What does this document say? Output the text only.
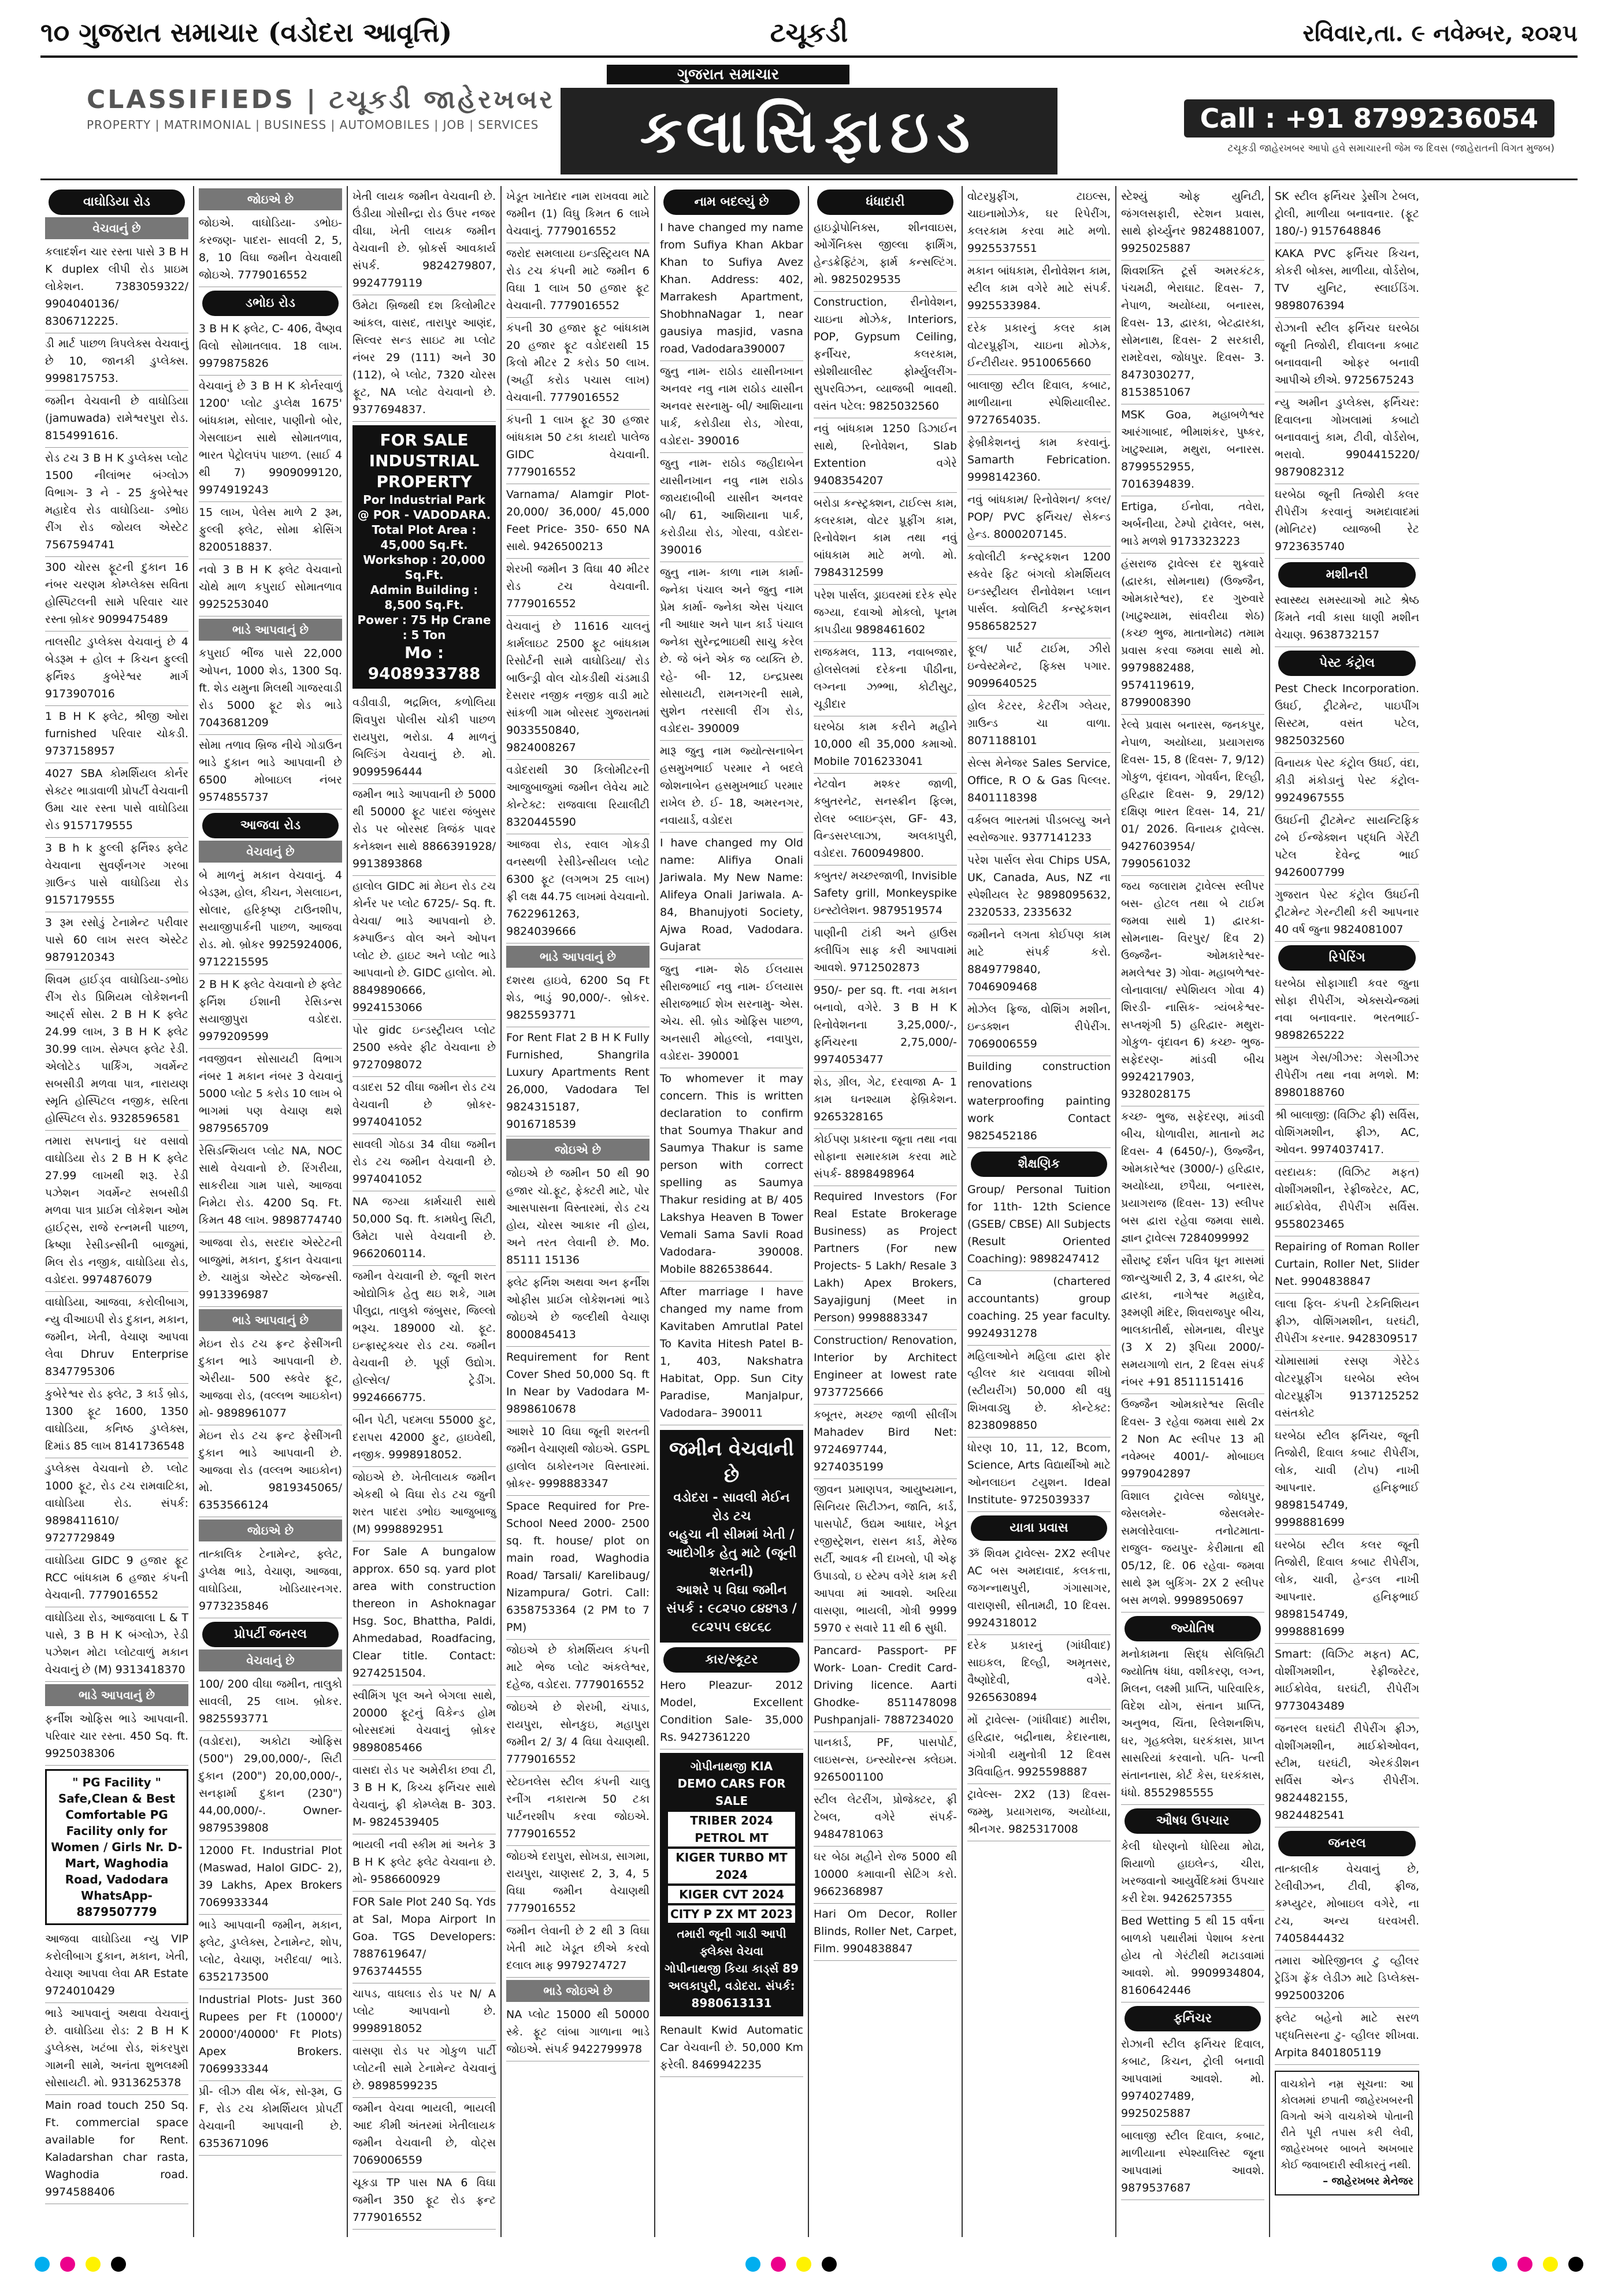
૧૦ ગુજરાત સમાચાર (વડોદરા આવૃત્તિ)	ટચૂકડી	રવિવાર,તા. ૯ નવેમ્બર, ૨૦૨૫
CLASSIFIEDS | ટચૂકડી જાહેરખબર
PROPERTY | MATRIMONIAL | BUSINESS | AUTOMOBILES | JOB | SERVICES
ગુજરાત સમાચાર
ક્લાસિફાઇડ	Call : +91 8799236054
ટચૂકડી જાહેરખબર આપો હવે સમાચારની જેમ જ દિવસ (જાહેરાતની વિગત મુજબ)
વાઘોડિયા રોડ
વેચવાનું છે
કલાદર્શન ચાર રસ્તા પાસે 3 B H K duplex લીપી રોડ પ્રાઇમ લોકેશન. 7383059322/ 9904040136/ 8306712225.
ડી માર્ટ પાછળ ત્રિપલેક્સ વેચવાનું છે 10, જાનકી ડુપ્લેક્સ. 9998175753.
જમીન વેચવાની છે વાઘોડિયા (jamuwada) રામેશ્વરપુરા રોડ. 8154991616.
રોડ ટચ 3 B H K ડુપ્લેક્સ પ્લોટ 1500 નીલાંભર બંગ્લોઝ વિભાગ- 3 ને - 25 કુબેરેશ્વર મહાદેવ રોડ વાઘોડિયા- ડભોઇ રીંગ રોડ જોયલ એસ્ટેટ 7567594741
300 ચોરસ ફૂટની દુકાન 16 નંબર ચરણમ કોમ્પ્લેક્સ સવિતા હોસ્પિટલની સામે પરિવાર ચાર રસ્તા બ્રોકર 9099475489
તાલસીટ ડુપ્લેક્સ વેચવાનું છે 4 બેડરૂમ + હોલ + કિચન ફુલ્લી ફર્નિશ્ડ કુબેરેશ્વર માર્ગ 9173907016
1 B H K ફ્લેટ, શ્રીજી ઓરા furnished પરિવાર ચોકડી. 9737158957
4027 SBA કોમર્શિયલ કોર્નર સેક્ટર ભાડાવાળી પ્રોપર્ટી વેચવાની ઉમા ચાર રસ્તા પાસે વાઘોડિયા રોડ 9157179555
3 B h k ફુલ્લી ફર્નિશ્ડ ફ્લેટ વેચવાના સુવર્ણનગર ગરબા ગ્રાઉન્ડ પાસે વાઘોડિયા રોડ 9157179555
3 રૂમ રસોડું ટેનામેન્ટ પરીવાર પાસે 60 લાખ સરલ એસ્ટેટ 9879120343
શિવમ હાઈડ્વ વાઘોડિયા-ડભોઇ રીંગ રોડ પ્રિમિયમ લોકેશનની આર્ટ્સ સોસ. 2 B H K ફ્લેટ 24.99 લાખ, 3 B H K ફ્લેટ 30.99 લાખ. સેમ્પલ ફ્લેટ રેડી. એલોટેડ પાર્કિંગ, ગવર્મેન્ટ સબસીડી મળવા પાત્ર, નારાયણ સ્મૃતિ હોસ્પિટલ નજીક, સરિતા હોસ્પિટલ રોડ. 9328596581
તમારા સપનાનું ઘર વસાવો વાઘોડિયા રોડ 2 B H K ફ્લેટ 27.99 લાખથી શરૂ. રેડી પઝેશન ગવર્મેન્ટ સબસીડી મળવા પાત્ર પ્રાઈમ લોકેશન ઓમ હાઈટ્સ, રાજે રત્નમની પાછળ, ક્રિષ્ણા રેસીડન્સીની બાજુમાં, મિલ રોડ નજીક, વાઘોડિયા રોડ, વડોદરા. 9974876079
વાઘોડિયા, આજવા, કરોલીબાગ, ન્યુ વીઆઇપી રોડ દુકાન, મકાન, જમીન, ખેતી, વેચાણ આપવા લેવા Dhruv Enterprise 8347795306
કુબેરેશ્વર રોડ ફ્લેટ, 3 કાર્ડ બ્રોડ, 1300 ફૂટ 1600, 1350 વાઘોડિયા, કનિષ્ઠ ડુપ્લેક્સ, દિમાંડ 85 લાખ 8141736548
ડુપ્લેક્સ વેચવાનો છે. પ્લોટ 1000 ફૂટ, રોડ ટચ રામવાટિકા, વાઘોડિયા રોડ. સંપર્ક: 9898411610/ 9727729849
વાઘોડિયા GIDC 9 હજાર ફૂટ RCC બાંધકામ 6 હજાર કંપની વેચવાની. 7779016552
વાઘોડિયા રોડ, આજવાલા L & T પાસે, 3 B H K બંગ્લોઝ, રેડી પઝેશન મોટા પ્લોટવાળું મકાન વેચવાનું છે (M) 9313418370
ભાડે આપવાનું છે
ફર્નીશ ઓફિસ ભાડે આપવાની. પરિવાર ચાર રસ્તા. 450 Sq. ft. 9925038306
" PG Facility " Safe,Clean & Best Comfortable PG Facility only for Women / Girls Nr. D-Mart, Waghodia Road, Vadodara WhatsApp-8879507779
આજવા વાઘોડિયા ન્યુ VIP કરોલીબાગ દુકાન, મકાન, ખેતી, વેચાણ આપવા લેવા AR Estate 9724010429
ભાડે આપવાનું અથવા વેચવાનું છે. વાઘોડિયા રોડ: 2 B H K ડુપ્લેક્સ, ખટંબા રોડ, શંકરપુરા ગામની સામે, અનંતા શુભલક્ષ્મી સોસાયટી. મો. 9313625378
Main road touch 250 Sq. Ft. commercial space available for Rent. Kaladarshan char rasta, Waghodia road. 9974588406
જોઇએ છે
જોઇએ. વાઘોડિયા- ડભોઇ- કરજણ- પાદરા- સાવલી 2, 5, 8, 10 વિઘા જમીન વેચવાથી જોઇએ. 7779016552
ડભોઇ રોડ
3 B H K ફ્લેટ, C- 406, વૈષ્ણવ વિલો સોમાતલાવ. 18 લાખ. 9979875826
વેચવાનું છે 3 B H K કોર્નરવાળું 1200' પ્લોટ ડુપ્લેક્ષ 1675' બાંધકામ, સોલાર, પાણીનો બોર, ગેસલાઇન સાથે સોમાતળાવ, ભારત પેટ્રોલપંપ પાછળ. (સાઈ 4 થી 7) 9909099120, 9974919243
15 લાખ, પેલેસ માળે 2 રૂમ, ફુલ્લી ફ્લેટ, સોમા ક્રોસિંગ 8200518837.
નવો 3 B H K ફ્લેટ વેચવાનો ચોથે માળ કપુરાઈ સોમાતળાવ 9925253040
ભાડે આપવાનું છે
કપુરાઈ ભીંજ પાસે 22,000 ઓપન, 1000 શેડ, 1300 Sq. ft. શેડ યમુના મિલથી ગાજરવાડી રોડ 5000 ફૂટ શેડ ભાડે 7043681209
સોમા તળાવ બ્રિજ નીચે ગોડાઉન ભાડે દુકાન ભાડે આપવાની છે 6500 મોબાઇલ નંબર 9574855737
આજવા રોડ
વેચવાનું છે
બે માળનું મકાન વેચવાનું. 4 બેડરૂમ, હોલ, કીચન, ગેસલાઇન, સોલાર, હરિકૃષ્ણ ટાઉનશીપ, સયાજીપાર્કની પાછળ, આજવા રોડ. મો. બ્રોકર 9925924006, 9712215595
2 B H K ફ્લેટ વેચવાનો છે ફ્લેટ ફર્નિશ ઈશાની રેસિડન્સ સયાજીપુરા વડોદરા. 9979209599
નવજીવન સોસાયટી વિભાગ નંબર 1 મકાન નંબર 3 વેચવાનું 5000 પ્લોટ 5 કરોડ 10 લાખ બે ભાગમાં પણ વેચાણ થશે 9879565709
રેસિડન્શિયલ પ્લોટ NA, NOC સાથે વેચવાનો છે. રિંગરીયા, સાકરીયા ગામ પાસે, આજવા નિમેટા રોડ. 4200 Sq. Ft. કિમત 48 લાખ. 9898774740
આજવા રોડ, સરદાર એસ્ટેટની બાજુમાં, મકાન, દુકાન વેચવાના છે. ચામુંડા એસ્ટેટ એજન્સી. 9913396987
ભાડે આપવાનું છે
મેઇન રોડ ટચ ફ્રન્ટ ફેસીંગની દુકાન ભાડે આપવાની છે. એરીયા- 500 સ્કવેર ફૂટ, આજવા રોડ, (વલ્લભ આઇકોન) મો- 9898961077
મેઇન રોડ ટચ ફ્રન્ટ ફેસીંગની દુકાન ભાડે આપવાની છે. આજવા રોડ (વલ્લભ આઇકોન) મો. 9819345065/ 6353566124
જોઇએ છે
તાત્કાલિક ટેનામેન્ટ, ફ્લેટ, ડુપ્લેક્ષ ભાડે, વેચાણ, આજવા, વાઘોડિયા, ખોડિયારનગર. 9773235846
પ્રોપર્ટી જનરલ
વેચવાનું છે
100/ 200 વીઘા જમીન, તાલુકો સાવલી, 25 લાખ. બ્રોકર. 9825593771
(વડોદરા), અકોટા ઓફિસ (500") 29,00,000/-, સિટી દુકાન (200") 20,00,000/-, સનફાર્મા દુકાન (230") 44,00,000/-. Owner-9879539808
12000 Ft. Industrial Plot (Maswad, Halol GIDC- 2), 39 Lakhs, Apex Brokers 7069933344
ભાડે આપવાની જમીન, મકાન, ફ્લેટ, ડુપ્લેક્સ, ટેનામેન્ટ, શોપ, પ્લોટ, વેચાણ, ખરીદવા/ ભાડે. 6352173500
Industrial Plots- Just 360 Rupees per Ft (10000'/ 20000'/40000' Ft Plots) Apex Brokers. 7069933344
પ્રી- લીઝ વીથ બેંક, સો-રૂમ, G F, રોડ ટચ કોમર્શિયલ પ્રોપર્ટી વેચવાની આપવાની છે. 6353671096
ખેતી લાયક જમીન વેચવાની છે. ઉંડીયા ગોસીન્દ્રા રોડ ઉપર નજર વીઘા, ખેતી લાયક જમીન વેચવાની છે. બ્રોકર્સ આવકાર્ય સંપર્ક. 9824279807, 9924779119
ઉમેટા બ્રિજથી દશ કિલોમીટર આંકલ, વાસદ, તારાપુર આણંદ, સિલ્વર સન્ડ સાઇટ મા પ્લોટ નંબર 29 (111) અને 30 (112), બે પ્લોટ, 7320 ચોરસ ફૂટ, NA પ્લોટ વેચવાનો છે. 9377694837.
FOR SALE
INDUSTRIAL PROPERTY
Por Industrial Park
@ POR - VADODARA.
Total Plot Area : 45,000 Sq.Ft.
Workshop : 20,000 Sq.Ft.
Admin Building : 8,500 Sq.Ft.
Power : 75 Hp Crane : 5 Ton
Mo : 9408933788
વડીવાડી, ભદ્રમિલ, કળોલિયા શિવપુરા પોલીસ ચોકી પાછળ રાયપુરા, ભરોડા. 4 માળનું બિલ્ડિંગ વેચવાનું છે. મો. 9099596444
જમીન ભાડે આપવાની છે 5000 થી 50000 ફૂટ પાદરા જંબુસર રોડ પર બોરસદ ત્રિજંક પાવર કનેક્શન સાથે 8866391928/ 9913893868
હાલોલ GIDC માં મેઇન રોડ ટચ કોર્નર પર પ્લોટ 6725/- Sq. ft. વેચવા/ ભાડે આપવાનો છે. કમ્પાઉન્ડ વોલ અને ઓપન પ્લોટ છે. હાઇટ અને પ્લોટ ભાડે આપવાનો છે. GIDC હાલોલ. મો. 8849890666, 9924153066
પોર gidc ઇન્ડસ્ટ્રીયલ પ્લોટ 2500 સ્ક્વેર ફીટ વેચવાના છે 9727098072
વડાદરા 52 વીઘા જમીન રોડ ટચ વેચવાની છે બ્રોકર- 9974041052
સાવલી ગોઠડા 34 વીઘા જમીન રોડ ટચ જમીન વેચવાની છે. 9974041052
NA જગ્યા કાર્મચારી સાથે 50,000 Sq. ft. કામધેનુ સિટી, ઉમેટા પાસે વેચવાની છે. 9662060114.
જમીન વેચવાની છે. જૂની શરત ઓદ્યોગિક હેતુ થઇ શકે, ગામ પીલુદ્રા, તાલુકો જંબુસર, જિલ્લો ભરૂચ. 189000 ચો. ફૂટ. ઇન્ફ્રાસ્ટ્રક્ચર રોડ ટચ. જમીન વેચવાની છે. પૂર્ણ ઉદ્યોગ. હોલ્સેલ/ ટ્રેડીંગ. 9924666775.
બીન પેટી, પદમલા 55000 ફુટ, દરાપરા 42000 ફુટ, હાઇવેથી, નજીક. 9998918052.
જોઇએ છે. ખેતીલાયક જમીન એકથી બે વિઘા રોડ ટચ જુની શરત પાદરા ડભોઇ આજુબાજુ (M) 9998892951
For Sale A bungalow approx. 650 sq. yard plot area with construction thereon in Ashoknagar Hsg. Soc, Bhattha, Paldi, Ahmedabad, Roadfacing, Clear title. Contact: 9274251504.
સ્વીમિંગ પૂલ અને બેગલા સાથે, 20000 ફૂટનું વિકેન્ડ હોમ બોરસદમાં વેચવાનું બ્રોકર 9898085466
વાસદા રોડ પર અમેરીકા છ્વા ટી, 3 B H K, કિચ્ચ ફર્નિચર સાથે વેચવાનું, ફ્રી કોમ્પ્લેક્ષ B- 303. M- 9824539405
ભાયલી નવી સ્કીમ માં અનેક 3 B H K ફ્લેટ ફ્લેટ વેચવાના છે. મો- 9586600929
FOR Sale Plot 240 Sq. Yds at Sal, Mopa Airport In Goa. TGS Developers: 7887619647/ 9763744555
ચાપડ, વાઘલાડ રોડ પર N/ A પ્લોટ આપવાનો છે. 9998918052
વાસણા રોડ પર ગોકુળ પાર્ટી પ્લોટની સામે ટેનામેન્ટ વેચવાનું છે. 9898599235
જમીન વેચવા ભાયલી, ભાયલી આદ કીમી અંતરમાં ખેતીલાયક જમીન વેચવાની છે, વોટ્સ 7069006559
ચૂકડા TP પાસ NA 6 વિઘા જમીન 350 ફૂટ રોડ ફ્રન્ટ 7779016552
ખેડૂત ખાતેદાર નામ રાખવવા માટે જમીન (1) વિઘુ કિમત 6 લાખે વેચવાનું. 7779016552
જરોદ સમલાયા ઇન્ડસ્ટ્રિયલ NA રોડ ટચ કંપની માટે જમીન 6 વિઘા 1 લાખ 50 હજાર ફૂટ વેચવાની. 7779016552
કંપની 30 હજાર ફૂટ બાંધકામ 20 હજાર ફૂટ વડોદરાથી 15 કિલો મીટર 2 કરોડ 50 લાખ. (અહીં કરોડ પચાસ લાખ) વેચવાની. 7779016552
કંપની 1 લાખ ફૂટ 30 હજાર બાંધકામ 50 ટકા કાયદો પાલેજ GIDC વેચવાની. 7779016552
Varnama/ Alamgir Plot- 20,000/ 36,000/ 45,000 Feet Price- 350- 650 NA સાથે. 9426500213
શેરખી જમીન 3 વિઘા 40 મીટર રોડ ટચ વેચવાની. 7779016552
વેચવાનું છે 11616 ચાલનું કાર્મલાઇટ 2500 ફૂટ બાંધકામ રિસોર્ટની સામે વાઘોડિયા/ રોડ બાઉન્ડ્રી વોલ ચોકડીથી ચંડમાડી દેસરાર નજીક નજીક વાડી માટે સાંકળી ગામ બોરસદ ગુજરાતમાં 9033550840, 9824008267
વડોદરાથી 30 કિલોમીટરની આજુબાજુમાં જમીન લેવેચ માટે કોન્ટેક્ટ: રાજવાલા રિયાલીટી 8320445590
આજવા રોડ, રવાલ ગોકડી વનસ્થળી રેસીડેન્સીયલ પ્લોટ 6300 ફૂટ (લગભગ 25 લાખ) ફ્રી લક્ષ 44.75 લાખમાં વેચવાનો. 7622961263, 9824039666
ભાડે આપવાનું છે
દશરથ હાઇવે, 6200 Sq Ft શેડ, ભાડું 90,000/-. બ્રોકર. 9825593771
For Rent Flat 2 B H K Fully Furnished, Shangrila Luxury Apartments Rent 26,000, Vadodara Tel 9824315187, 9016718539
જોઇએ છે
જોઇએ છે જમીન 50 થી 90 હજાર ચો.ફૂટ, ફેક્ટરી માટે, પોર આસપાસના વિસ્તારમાં, રોડ ટચ હોય, ચોરસ આકાર ની હોય, અને તરત લેવાની છે. Mo. 85111 15136
ફ્લેટ ફર્નિશ અથવા અન ફર્નીશ ઓફીસ પ્રાઈમ લોકેશનમાં ભાડે જોઇએ છે જલ્દીથી વેચાણ 8000845413
Requirement for Rent Cover Shed 50,000 Sq. ft In Near by Vadodara M- 9898610678
આશરે 10 વિઘા જૂની શરતની જમીન વેચાણથી જોઇએ. GSPL હાલોલ ઠાકોરનગર વિસ્તારમાં. બ્રોકર- 9998883347
Space Required for Pre-School Need 2000- 2500 sq. ft. house/ plot on main road, Waghodia Road/ Tarsali/ Karelibaug/ Nizampura/ Gotri. Call: 6358753364 (2 PM to 7 PM)
જોઇએ છે કોમર્શિયલ કંપની માટે ભેજ પ્લોટ અંકલેશ્વર, દહેજ, વડોદરા. 7779016552
જોઇએ છે શેરખી, ચંપાડ, રાયપુરા, સોનકુઇ, મહાપુરા જમીન 2/ 3/ 4 વિઘા વેચાણથી. 7779016552
સ્ટેઇનલેસ સ્ટીલ કંપની ચાલુ રનીંગ નકારાત્મ 50 ટકા પાર્ટનરશીપ કરવા જોઇએ. 7779016552
જોઇએ દરાપુરા, સોખડા, સાગમા, રાયપુરા, ચાણસદ 2, 3, 4, 5 વિઘા જમીન વેચાણથી 7779016552
જમીન લેવાની છે 2 થી 3 વિઘા ખેતી માટે ખેડૂત છીએ કરવો દલાલ માફ 9979274727
ભાડે જોઇએ છે
NA પ્લોટ 15000 થી 50000 સ્કે. ફૂટ લાંબા ગાળાના ભાડે જોઇએ. સંપર્ક 9422799978
નામ બદલ્યું છે
I have changed my name from Sufiya Khan Akbar Khan to Sufiya Avez Khan. Address: 402, Marrakesh Apartment, ShobhnaNagar 1, near gausiya masjid, vasna road, Vadodara390007
જુનુ નામ- રાઠોડ યાસીનખાન અનવર નવુ નામ રાઠોડ યાસીન અનવર સરનામુ- બી/ આશિયાના પાર્ક, કરોડીયા રોડ, ગોરવા, વડોદરા- 390016
જુનુ નામ- રાઠોડ જહીદાબેન યાસીનખાન નવુ નામ રાઠોડ જાયદાબીબી યાસીન અનવર બી/ 61, આશિયાના પાર્ક, કરોડીયા રોડ, ગોરવા, વડોદરા- 390016
જુનુ નામ- કાળા નામ કાર્મા-જ્નેકા પંચાલ અને જુનુ નામ પ્રેમ કાર્મા- જ્નેકા એસ પંચાલ ની આધાર અને પાન કાર્ડ પંચાલ જ્નેકા સુરેન્દ્રભાઇથી સાચુ કરેલ છે. જે બંને એક જ વ્યક્તિ છે. રહે- બી- 12, ઇન્દ્રપ્રસ્થ સોસાયટી, રામનગરની સામે, સુશેન તરસાલી રીંગ રોડ, વડોદરા- 390009
મારૂ જુનુ નામ જ્યોત્સનાબેન હસમુખભાઈ પરમાર ને બદલે જોશનાબેન હસમુખભાઈ પરમાર રાખેલ છે. ઈ- 18, અમરનગર, નવાયાર્ડ, વડોદરા
I have changed my Old name: Alifiya Onali Jariwala. My New Name: Alifeya Onali Jariwala. A-84, Bhanujyoti Society, Ajwa Road, Vadodara. Gujarat
જુનુ નામ- શેઠ ઈલયાસ સીરાજભાઈ નવુ નામ- ઈલયાસ સીરાજભાઈ શેખ સરનામુ- એસ. એચ. સી. બ્રોડ ઓફિસ પાછળ, અનસારી મોહલ્લો, નવાપુરા, વડોદરા- 390001
To whomever it may concern. This is written declaration to confirm that Soumya Thakur and Saumya Thakur is same person with correct spelling as Saumya Thakur residing at B/ 405 Lakshya Heaven B Tower Vemali Sama Savli Road Vadodara- 390008. Mobile 8826538644.
After marriage I have changed my name from Kavitaben Amrutlal Patel To Kavita Hitesh Patel B-1, 403, Nakshatra Habitat, Opp. Sun City Paradise, Manjalpur, Vadodara– 390011
જમીન વેચવાની છે
વડોદરા - સાવલી મેઈન રોડ ટચ
બહુચા ની સીમમાં ખેતી / આદોગીક હેતુ માટે (જૂની શરતની)
આશરે ૫ વિઘા જમીન
સંપર્ક : ૯૮૨૫૦ ૮૪૪૧૩ / ૯૮૨૫૫ ૯૪૮૬૮
કાર/સ્કૂટર
Hero Pleazur- 2012 Model, Excellent Condition Sale- 35,000 Rs. 9427361220
ગોપીનાથજી KIA
DEMO CARS FOR SALE
TRIBER 2024 PETROL MT
KIGER TURBO MT 2024
KIGER CVT 2024
CITY P ZX MT 2023
તમારી જૂની ગાડી આપી ફ્લેક્સ વેચવા
ગોપીનાથજી કિયા કાર્ડ્સ 89 અલકાપુરી, વડોદરા. સંપર્ક: 8980613131
Renault Kwid Automatic Car વેચવાની છે. 50,000 Km ફરેલી. 8469942235
ધંધાદારી
હાઇડ્રોપોનિક્સ, શીનવાઇસ, ઓર્ગેનિક્સ જીલ્લા ફાર્મિંગ, હેન્ડક્રેફ્ટિંગ, ફાર્મ કન્સલ્ટિંગ. મો. 9825029535
Construction, રીનોવેશન, ચાઇના મોઝેક, Interiors, POP, Gypsum Ceiling, ફર્નીચર, કલરકામ, સ્પ્રેશીયાલીસ્ટ ફોર્મ્યુલરીંગ- સુપરવિઝન, વ્યાજબી ભાવથી. વસંત પટેલ: 9825032560
નવું બાંધકામ 1250 ડિઝાઈન સાથે, રિનોવેશન, Slab Extention વગેરે 9408354207
બરોડા કન્સ્ટ્રક્શન, ટાઈલ્સ કામ, કલરકામ, વોટર પ્રૂફીંગ કામ, રિનોવેશન કામ તથા નવું બાંધકામ માટે મળો. મો. 7984312599
પરેશ પાર્સલ, ડ્રાઇવરમાં દરેક સ્પેર જગ્યા, દવાઓ મોકલો, પૂનમ કાપડીયા 9898461602
રાજકમલ, 113, નવાબજાર, હોલસેલમાં દરેકના પીઠીના, લગ્નના ઝભ્ભા, કોટીસુટ, ચૂડીદાર
ઘરબેઠા કામ કરીને મહીને 10,000 થી 35,000 કમાઓ. Mobile 7016233041
નેટવોન મશ્કર જાળી, કબુતરનેટ, સનસ્ક્રીન ફિલ્મ, રોલર બ્લાઇન્ડ્સ, GF- 43, વિન્ડસરપ્લાઝા, અલકાપુરી, વડોદરા. 7600949800.
કબુતર/ મચ્છરજાળી, Invisible Safety grill, Monkeyspike ઇન્સ્ટોલેશન. 9879519574
પાણીની ટાંકી અને હાઉસ ક્લીપિંગ સાફ કરી આપવામાં આવશે. 9712502873
950/- per sq. ft. નવા મકાન બનાવો, વગેરે. 3 B H K રિનોવેશનના 3,25,000/-, ફર્નિચરના 2,75,000/- 9974053477
શેડ, ગ્રીલ, ગેટ, દરવાજા A- 1 કામ ઘનશ્યામ ફેબ્રિકેશન. 9265328165
કોઈપણ પ્રકારના જૂના તથા નવા સોફાના સમારકામ કરવા માટે સંપર્ક- 8898498964
Required Investors (For Real Estate Brokerage Business) as Project Partners (For new Projects- 5 Lakh/ Resale 3 Lakh) Apex Brokers, Sayajigunj (Meet in Person) 9998883347
Construction/ Renovation, Interior by Architect Engineer at lowest rate 9737725666
કબૂતર, મચ્છર જાળી સીલીંગ Mahadev Bird Net: 9724697744, 9274035199
જીવન પ્રમાણપત્ર, આયુષ્યમાન, સિનિયર સિટીઝન, જાતિ, કાર્ડ, પાસપોર્ટ, ઉદ્યમ આધાર, ખેડૂત રજીસ્ટ્રેશન, રાસન કાર્ડ, મેરેજ સર્ટી, આવક ની દાખલો, પી એફ ઉપાડવો, ઇ સ્ટેમ્પ વગેરે કામ કરી આપવા માં આવશે. અરિયા વાસણા, ભાયલી, ગોત્રી 9999 5970 ર સવારે 11 થી 6 સુધી.
Pancard- Passport- PF Work- Loan- Credit Card- Driving licence. Aarti Ghodke- 8511478098 Pushpanjali- 7887234020
પાનકાર્ડ, PF, પાસપોર્ટ, લાઇસન્સ, ઇન્સ્યોરન્સ ક્લેઇમ. 9265001100
સ્ટીલ લેટરીંગ, પ્રોજેક્ટર, ફ્રી ટેબલ, વગેરે સંપર્ક- 9484781063
ઘર બેઠા મહીને રોજ 5000 થી 10000 કમાવાની સેટિંગ કરો. 9662368987
Hari Om Decor, Roller Blinds, Roller Net, Carpet, Film. 9904838847
વોટરપ્રુફીંગ, ટાઇલ્સ, ચાઇનામોઝેક, ઘર રિપેરીંગ, કલરકામ કરવા માટે મળો. 9925537551
મકાન બાંધકામ, રીનોવેશન કામ, સ્ટીલ કામ વગેરે માટે સંપર્ક. 9925533984.
દરેક પ્રકારનું કલર કામ વોટરપ્રૂફીંગ, ચાઇના મોઝેક, ઈન્ટીરીયર. 9510065660
બાલાજી સ્ટીલ દિવાલ, કબાટ, માળીયાના સ્પેશિયાલીસ્ટ. 9727654035.
ફેબ્રીકેશનનું કામ કરવાનું. Samarth Febrication. 9998142360.
નવું બાંધકામ/ રિનોવેશન/ કલર/ POP/ PVC ફર્નિચર/ સેકન્ડ હેન્ડ. 8000207145.
કવોલીટી કન્સ્ટ્રકશન 1200 સ્કવેર ફિટ બંગલો કોમર્શિયલ ઇન્ડસ્ટ્રીયલ રીનોવેશન પ્લાન પાર્સલ. ક્વોલિટી કન્સ્ટ્રકશન 9586582527
ફૂલ/ પાર્ટ ટાઈમ, ઝીરો ઇન્વેસ્ટમેન્ટ, ફિક્સ પગાર. 9099640525
હોલ કેટરર, કેટરીંગ ગ્લેયર, ગ્રાઉન્ડ ચા વાળા. 8071188101
સેલ્સ મેનેજર Sales Service, Office, R O & Gas પિલ્લર. 8401118398
વર્કબલ ભારતમાં પીડબલ્યુ અને સ્વરોજગાર. 9377141233
પરેશ પાર્સલ સેવા Chips USA, UK, Canada, Aus, NZ ના સ્પેશીયલ રેટ 9898095632, 2320533, 2335632
જમીનને લગતા કોઈપણ કામ માટે સંપર્ક કરો. 8849779840, 7046909468
મોઝેલ ફ્રિજ, વોશિંગ મશીન, ઇન્ડક્શન રીપેરીંગ. 7069006559
Building construction renovations waterproofing painting work Contact 9825452186
શૈક્ષણિક
Group/ Personal Tuition for 11th- 12th Science (GSEB/ CBSE) All Subjects (Result Oriented Coaching): 9898247412
Ca (chartered accountants) group coaching. 25 year faculty. 9924931278
મહિલાઓને મહિલા દ્વારા ફોર વ્હીલર કાર ચલાવવા શીખો (સ્ટીયરીંગ) 50,000 થી વધુ શિખવાડ્યુ છે. કોન્ટેક્ટ: 8238098850
ધોરણ 10, 11, 12, Bcom, Science, Arts વિદ્યાર્થીઓ માટે ઓનલાઇન ટયુશન. Ideal Institute- 9725039337
યાત્રા પ્રવાસ
ૐ શિવમ ટ્રાવેલ્સ- 2X2 સ્લીપર AC બસ અમદાવાદ, કલકત્તા, જગન્નાથપુરી, ગંગાસાગર, વારાણસી, સીતામઢી, 10 દિવસ. 9924318012
દરેક પ્રકારનું (ગાંધીવાદ) સાઇકલ, દિલ્હી, અમૃતસર, વૈષ્ણોદેવી, વગેરે. 9265630894
મોં ટ્રાવેલ્સ- (ગાંધીવાદ) મારીશ, હરિદ્વાર, બદ્રીનાથ, કેદારનાથ, ગંગોત્રી યમુનોત્રી 12 દિવસ 3વિવાહિત. 9925598887
ટ્રાવેલ્સ- 2X2 (13) દિવસ- જમ્મુ, પ્રયાગરાજ, અયોધ્યા, શ્રીનગર. 9825317008
સ્ટેશ્યું ઓફ યુનિટી, જંગલસફારી, સ્ટેશન પ્રવાસ, સાથે ફોર્ચ્યુનર 9824881007, 9925025887
શિવશક્તિ ટૂર્સ અમરકંટક, પંચમઢી, ભેરાઘાટ. દિવસ- 7, નેપાળ, અયોધ્યા, બનારસ, દિવસ- 13, દ્વારકા, બેટદ્વારકા, સોમનાથ, દિવસ- 2 સરકારી, રામદેવરા, જોધપુર. દિવસ- 3. 8473030277, 8153851067
MSK Goa, મહાબળેશ્વર આરંગાબાદ, ભીમાશંકર, પુષ્કર, ખાટુશ્યામ, મથુરા, બનારસ. 8799552955, 7016394839.
Ertiga, ઈનોવા, તવેરા, અર્બનીયા, ટેમ્પો ટ્રાવેલર, બસ, ભાડે મળશે 9173323223
હંસરાજ ટ્રાવેલ્સ દર શુક્રવારે (દ્વારકા, સોમનાથ) (ઉજ્જૈન, ઓમકારેશ્વર), દર ગુરુવારે (ખાટુશ્યામ, સાંવરીયા શેઠ) (કચ્છ ભુજ, માતાનોમઢ) તમામ પ્રવાસ કરવા જમવા સાથે મો. 9979882488, 9574119619, 8799008390
રેલ્વે પ્રવાસ બનારસ, જનકપુર, નેપાળ, અયોધ્યા, પ્રયાગરાજ દિવસ- 15, 8 (દિવસ- 7, 9/12) ગોકુળ, વૃંદાવન, ગોવર્ધન, દિલ્હી, હરિદ્વાર દિવસ- 9, 29/12) દક્ષિણ ભારત દિવસ- 14, 21/ 01/ 2026. વિનાયક ટ્રાવેલ્સ. 9427603954/ 7990561032
જય જલારામ ટ્રાવેલ્સ સ્લીપર બસ- હોટલ તથા બે ટાઈમ જમવા સાથે 1) દ્વારકા- સોમનાથ- વિરપુર/ દિવ 2) ઉજ્જૈન- ઓમકારેશ્વર- મમલેશ્વર 3) ગોવા- મહાબળેશ્વર- લોનાવાલા/ સ્પેશિયલ ગોવા 4) શિરડી- નાસિક- ત્ર્યંબકેશ્વર- સપ્તશૃંગી 5) હરિદ્વાર- મથુરા- ગોકુળ- વૃંદાવન 6) કચ્છ- ભુજ- સફેદરણ- માંડવી બીચ 9924217903, 9328028175
કચ્છ- ભુજ, સફેદરણ, માંડવી બીચ, ધોળાવીરા, માતાનો મઢ દિવસ- 4 (6450/-), ઉજ્જૈન, ઓમકારેશ્વર (3000/-) હરિદ્વાર, અયોધ્યા, છપૈયા, બનારસ, પ્રયાગરાજ (દિવસ- 13) સ્લીપર બસ દ્વારા રહેવા જમવા સાથે. જ્ઞાન ટ્રાવેલ્સ 7284099992
સૌરાષ્ટ્ર દર્શન પવિત્ર ધૂન માસમાં જાન્યુઆરી 2, 3, 4 દ્વારકા, બેટ દ્વારકા, નાગેશ્વર મહાદેવ, રૂક્ષ્મણી મંદિર, શિવરાજપુર બીચ, ભાલકાતીર્થ, સોમનાથ, વીરપુર (3 X 2) રૂપિયા 2000/- સમયગાળો રાત, 2 દિવસ સંપર્ક નંબર +91 8511151416
ઉજ્જૈન ઓમકારેશ્વર સિલીર દિવસ- 3 રહેવા જમવા સાથે 2x 2 Non Ac સ્લીપર 13 મી નવેમ્બર 4001/- મોબાઇલ 9979042897
વિશાલ ટ્રાવેલ્સ જોધપુર, જેસલમેર- જેસલમેર- સમલોરેવાલા- તનોટમાતા- રાજુલ- જયપુર- કેરીમાતા થી 05/12, દિ. 06 રહેવા- જમવા સાથે રૂમ બુકિંગ- 2X 2 સ્લીપર બસ મળશે. 9998950697
જ્યોતિષ
મનોકામના સિદ્ધ સેલિબ્રિટી જ્યોતિષ ધંધા, વશીકરણ, લગ્ન, મિલન, લક્ષ્મી પ્રાપ્તિ, પારિવારિક, વિદેશ યોગ, સંતાન પ્રાપ્તિ, અનુભવ, ચિંતા, રિલેશનશિપ, ઘર, ગૃહક્લેશ, ઘરકંકાસ, પ્રાપ્ત સાસરિયાં કરવાનો. પતિ- પત્ની સંતાનનાસ, કોર્ટ કેસ, ઘરકંકાસ, ધંધો. 8552985555
ઔષધ ઉપચાર
કેલી ધોરણનો ધોરિયા મોઢા, શિયાળો હાઇલેન્ડ, ચીરા, ખરજવાનો આયુર્વેદિકમાં ઉપચાર કરી દેશ. 9426257355
Bed Wetting 5 થી 15 વર્ષના બાળકો પથારીમાં પેશાબ કરતા હોય તો ગેરંટીથી મટાડવામાં આવશે. મો. 9909934804, 8160642446
ફર્નિચર
રોઝાની સ્ટીલ ફર્નિચર દિવાલ, કબાટ, કિચન, ટ્રોલી બનાવી આપવામાં આવશે. મો. 9974027489, 9925025887
બાલાજી સ્ટીલ દિવાલ, કબાટ, માળીયાના સ્પેશ્યાલિસ્ટ જૂના આપવામાં આવશે. 9879537687
SK સ્ટીલ ફર્નિચર ડ્રેસીંગ ટેબલ, ટ્રોલી, માળીયા બનાવનાર. (ફૂટ 180/-) 9157648846
KAKA PVC ફર્નિચર કિચન, કોકરી બોક્સ, માળીયા, વોર્ડરોબ, TV યુનિટ, સ્લાઈડિંગ. 9898076394
રોઝાની સ્ટીલ ફર્નિચર ઘરબેઠા જૂની તિજોરી, દીવાલના કબાટ બનાવવાની ઓફર બનાવી આપીએ છીએ. 9725675243
ન્યુ અમીન ડુપ્લેક્સ, ફર્નિચર: દિવાલના ગોખલામાં કબાટો બનાવવાનું કામ, ટીવી, વોર્ડરોબ, ભરાવો. 9904415220/ 9879082312
ઘરબેઠા જૂની તિજોરી કલર રીપેરીંગ કરવાનું અમદાવાદમાં (મોનિટર) વ્યાજબી રેટ 9723635740
મશીનરી
સ્વાસ્થ્ય સમસ્યાઓ માટે શ્રેષ્ઠ કિંમતે નવી કાસા ધાણી મશીન વેચાણ. 9638732157
પેસ્ટ કંટ્રોલ
Pest Check Incorporation. ઉધઈ, ટ્રીટમેન્ટ, પાઇપીંગ સિસ્ટમ, વસંત પટેલ, 9825032560
વિનાયક પેસ્ટ કંટ્રોલ ઉધઈ, વંદા, કીડી મંકોડાનું પેસ્ટ કંટ્રોલ- 9924967555
ઉધઈની ટ્રીટમેન્ટ સાયન્ટિફિક ઢબે ઈન્જેક્શન પદ્ધતિ ગેરેંટી પટેલ દેવેન્દ્ર ભાઈ 9426007799
ગુજરાત પેસ્ટ કંટ્રોલ ઉધઈની ટ્રીટમેન્ટ ગેરન્ટીથી કરી આપનાર 40 વર્ષ જુના 9824081007
રિપેરિંગ
ઘરબેઠા સોફાગાદી કવર જુના સોફા રીપેરીંગ, એક્સચેન્જમાં નવા બનાવનાર. ભરતભાઈ- 9898265222
પ્રમુખ ગેસ/ગીઝર: ગેસગીઝર રીપેરીંગ તથા નવા મળશે. M: 8980188760
શ્રી બાલાજી: (વિઝિટ ફ્રી) સર્વિસ, વોશિંગમશીન, ફ્રીઝ, AC, ઓવન. 9974037417.
વરદાયક: (વિઝિટ મફત) વોશીંગમશીન, રેફ્રીજરેટર, AC, માઈક્રોવેવ, રીપેરીંગ સર્વિસ. 9558023465
Repairing of Roman Roller Curtain, Roller Net, Slider Net. 9904838847
લાલા ફિલ- કંપની ટેકનિશિયન ફ્રીઝ, વોશિંગમશીન, ઘરઘંટી, રીપેરીંગ કરનાર. 9428309517
ચોમાસામાં રસણ ગેરેટેડ વોટરપ્રૂફીંગ ઘરબેઠા સ્લેબ વોટરપ્રૂફીંગ 9137125252 વસંતકોટ
ઘરબેઠા સ્ટીલ ફર્નિચર, જૂની તિજોરી, દિવાલ કબાટ રીપેરીંગ, લોક, ચાવી (ટોપ) નાખી આપનાર. હનિફભાઈ 9898154749, 9998881699
ઘરબેઠા સ્ટીલ કલર જૂની તિજોરી, દિવાલ કબાટ રીપેરીંગ, લોક, ચાવી, હેન્ડલ નાખી આપનાર. હનિફભાઈ 9898154749, 9998881699
Smart: (વિઝિટ મફત) AC, વોશીંગમશીન, રેફ્રીજરેટર, માઈક્રોવેવ, ઘરઘંટી, રીપેરીંગ 9773043489
જનરલ ઘરઘંટી રીપેરીંગ ફ્રીઝ, વોશીંગમશીન, માઈક્રોઓવન, સ્ટીમ, ઘરઘંટી, એરકંડીશન સર્વિસ એન્ડ રીપેરીંગ. 9824482155, 9824482541
જનરલ
તાત્કાલીક વેચવાનું છે, ટેલીવીઝન, ટીવી, ફ્રીજ, કમ્પ્યુટર, મોબાઇલ વગેરે, ના ટચ, અન્ય ઘરવખરી. 7405844432
તમારા ઓરિજીનલ ટુ વ્હીલર ટ્રેડિંગ ફ્રેંક લેડીઝ માટે ડિપ્લેક્સ- 9925003206
ફ્લેટ બહેનો માટે સરળ પદ્ધતિસરના ટુ- વ્હીલર શીખવા. Arpita 8401805119
વાચકોને નમ્ર સૂચના: આ કોલમમાં છપાતી જાહેરખબરની વિગતો અંગે વાચકોએ પોતાની રીતે પૂરી તપાસ કરી લેવી, જાહેરખબર બાબતે અખબાર કોઈ જવાબદારી સ્વીકારતું નથી.
– જાહેરખબર મેનેજર
